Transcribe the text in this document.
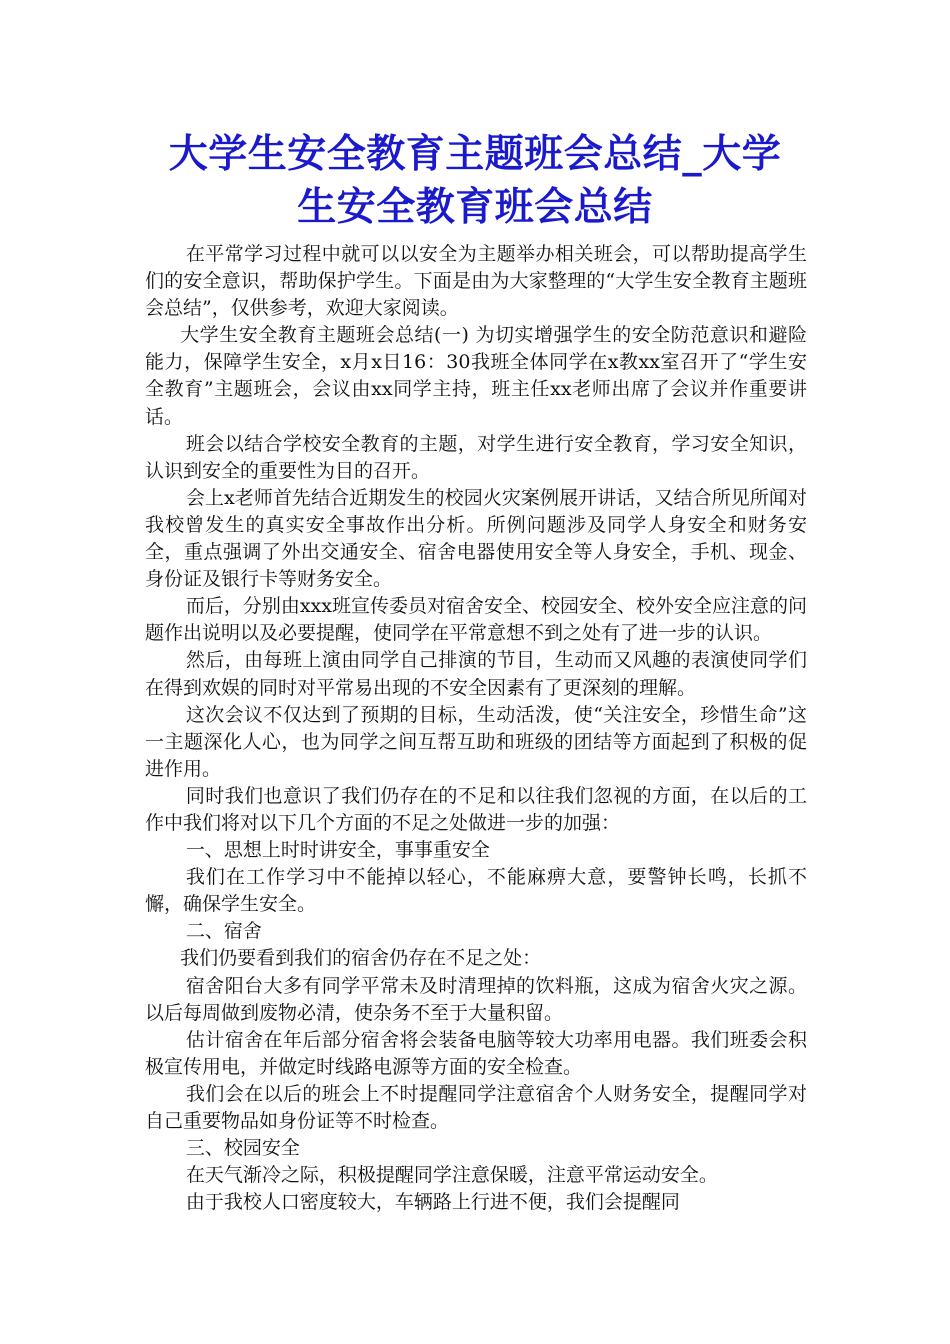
大学生安全教育主题班会总结_大学
生安全教育班会总结

在平常学习过程中就可以以安全为主题举办相关班会，可以帮助提高学生们的安全意识，帮助保护学生。下面是由为大家整理的“大学生安全教育主题班会总结”，仅供参考，欢迎大家阅读。

大学生安全教育主题班会总结(一) 为切实增强学生的安全防范意识和避险能力，保障学生安全，x月x日16：30我班全体同学在x教xx室召开了“学生安全教育”主题班会，会议由xx同学主持，班主任xx老师出席了会议并作重要讲话。

班会以结合学校安全教育的主题，对学生进行安全教育，学习安全知识，认识到安全的重要性为目的召开。

会上x老师首先结合近期发生的校园火灾案例展开讲话，又结合所见所闻对我校曾发生的真实安全事故作出分析。所例问题涉及同学人身安全和财务安全，重点强调了外出交通安全、宿舍电器使用安全等人身安全，手机、现金、身份证及银行卡等财务安全。

而后，分别由xxx班宣传委员对宿舍安全、校园安全、校外安全应注意的问题作出说明以及必要提醒，使同学在平常意想不到之处有了进一步的认识。

然后，由每班上演由同学自己排演的节目，生动而又风趣的表演使同学们在得到欢娱的同时对平常易出现的不安全因素有了更深刻的理解。

这次会议不仅达到了预期的目标，生动活泼，使“关注安全，珍惜生命”这一主题深化人心，也为同学之间互帮互助和班级的团结等方面起到了积极的促进作用。

同时我们也意识了我们仍存在的不足和以往我们忽视的方面，在以后的工作中我们将对以下几个方面的不足之处做进一步的加强：

一、思想上时时讲安全，事事重安全

我们在工作学习中不能掉以轻心，不能麻痹大意，要警钟长鸣，长抓不懈，确保学生安全。

二、宿舍

我们仍要看到我们的宿舍仍存在不足之处：

宿舍阳台大多有同学平常未及时清理掉的饮料瓶，这成为宿舍火灾之源。以后每周做到废物必清，使杂务不至于大量积留。

估计宿舍在年后部分宿舍将会装备电脑等较大功率用电器。我们班委会积极宣传用电，并做定时线路电源等方面的安全检查。

我们会在以后的班会上不时提醒同学注意宿舍个人财务安全，提醒同学对自己重要物品如身份证等不时检查。

三、校园安全

在天气渐冷之际，积极提醒同学注意保暖，注意平常运动安全。

由于我校人口密度较大，车辆路上行进不便，我们会提醒同
